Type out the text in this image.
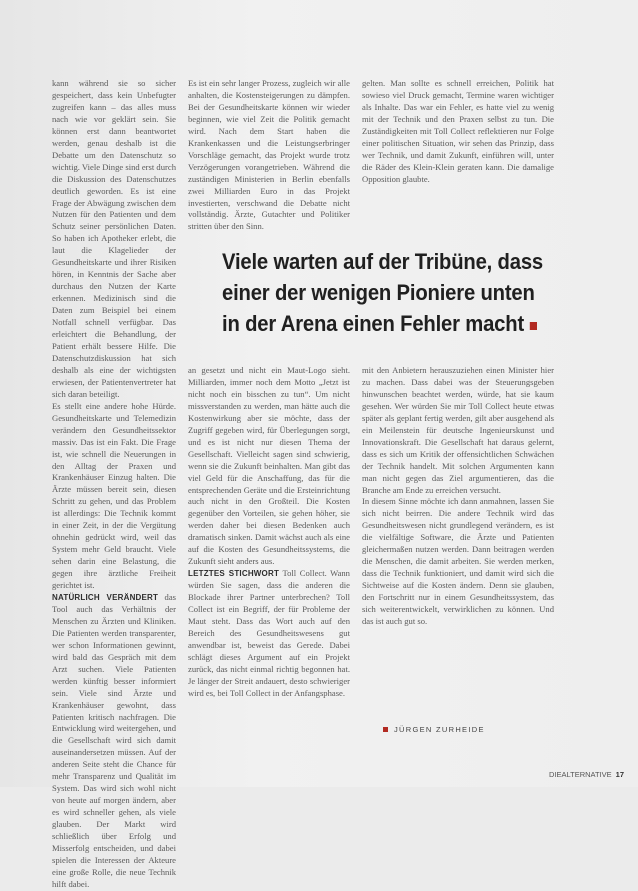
kann während sie so sicher gespeichert, dass kein Unbefugter zugreifen kann – das alles muss nach wie vor geklärt sein. Sie können erst dann beantwortet werden, genau deshalb ist die Debatte um den Datenschutz so wichtig. Viele Dinge sind erst durch die Diskussion des Datenschutzes deutlich geworden. Es ist eine Frage der Abwägung zwischen dem Nutzen für den Patienten und dem Schutz seiner persönlichen Daten. So haben ich Apotheker erlebt, die laut die Klagelieder der Gesundheitskarte und ihrer Risiken hören, in Kenntnis der Sache aber durchaus den Nutzen der Karte erkennen. Medizinisch sind die Daten zum Beispiel bei einem Notfall schnell verfügbar. Das erleichtert die Behandlung, der Patient erhält bessere Hilfe. Die Datenschutzdiskussion hat sich deshalb als eine der wichtigsten erwiesen, der Patientenvertreter hat sich daran beteiligt.

Es stellt eine andere hohe Hürde. Gesundheitskarte und Telemedizin verändern den Gesundheitssektor massiv. Das ist ein Fakt. Die Frage ist, wie schnell die Neuerungen in den Alltag der Praxen und Krankenhäuser Einzug halten. Die Ärzte müssen bereit sein, diesen Schritt zu gehen, und das Problem ist allerdings: Die Technik kommt in einer Zeit, in der die Vergütung ohnehin gedrückt wird, weil das System mehr Geld braucht. Viele sehen darin eine Belastung, die gegen ihre ärztliche Freiheit gerichtet ist.

NATÜRLICH VERÄNDERT das Tool auch das Verhältnis der Menschen zu Ärzten und Kliniken. Die Patienten werden transparenter, wer schon Informationen gewinnt, wird bald das Gespräch mit dem Arzt suchen. Viele Patienten werden künftig besser informiert sein. Viele sind Ärzte und Krankenhäuser gewohnt, dass Patienten kritisch nachfragen. Die Entwicklung wird weitergehen, und die Gesellschaft wird sich damit auseinandersetzen müssen. Auf der anderen Seite steht die Chance für mehr Transparenz und Qualität im System. Das wird sich wohl nicht von heute auf morgen ändern, aber es wird schneller gehen, als viele glauben. Der Markt wird schließlich über Erfolg und Misserfolg entscheiden, und dabei spielen die Interessen der Akteure eine große Rolle, die neue Technik hilft dabei.

Es ist ein sehr langer Prozess, zugleich wir alle anhalten, die Kostensteigerungen zu dämpfen. Bei der Gesundheitskarte können wir wieder beginnen, wie viel Zeit die Politik gemacht wird. Nach dem Start haben die Krankenkassen und die Leistungserbringer Vorschläge gemacht, das Projekt wurde trotz Verzögerungen vorangetrieben. Während die zuständigen Ministerien in Berlin ebenfalls zwei Milliarden Euro in das Projekt investierten, verschwand die Debatte nicht vollständig. Ärzte, Gutachter und Politiker stritten über den Sinn.

gelten. Man sollte es schnell erreichen, Politik hat sowieso viel Druck gemacht, Termine waren wichtiger als Inhalte. Das war ein Fehler, es hatte viel zu wenig mit der Technik und den Praxen selbst zu tun. Die Zuständigkeiten mit Toll Collect reflektieren nur Folge einer politischen Situation, wir sehen das Prinzip, dass wer Technik, und damit Zukunft, einführen will, unter die Räder des Klein-Klein geraten kann. Die damalige Opposition glaubte.

Viele warten auf der Tribüne, dass
einer der wenigen Pioniere unten
in der Arena einen Fehler macht

an gesetzt und nicht ein Maut-Logo sieht. Milliarden, immer noch dem Motto „Jetzt ist nicht noch ein bisschen zu tun“. Um nicht missverstanden zu werden, man hätte auch die Kostenwirkung aber sie möchte, dass der Zugriff gegeben wird, für Überlegungen sorgt, und es ist nicht nur diesen Thema der Gesellschaft. Vielleicht sagen sind schwierig, wenn sie die Zukunft beinhalten. Man gibt das viel Geld für die Anschaffung, das für die entsprechenden Geräte und die Ersteinrichtung auch nicht in den Großteil. Die Kosten gegenüber den Vorteilen, sie gehen höher, sie werden daher bei diesen Bedenken auch dramatisch sinken. Damit wächst auch als eine auf die Kosten des Gesundheitssystems, die Zukunft sieht anders aus.

LETZTES STICHWORT Toll Collect. Wann würden Sie sagen, dass die anderen die Blockade ihrer Partner unterbrechen? Toll Collect ist ein Begriff, der für Probleme der Maut steht. Dass das Wort auch auf den Bereich des Gesundheitswesens gut anwendbar ist, beweist das Gerede. Dabei schlägt dieses Argument auf ein Projekt zurück, das nicht einmal richtig begonnen hat. Je länger der Streit andauert, desto schwieriger wird es, bei Toll Collect in der Anfangsphase.

mit den Anbietern herauszuziehen einen Minister hier zu machen. Dass dabei was der Steuerungsgeben hinwunschen beachtet werden, würde, hat sie kaum gesehen. Wer würden Sie mir Toll Collect heute etwas später als geplant fertig werden, gilt aber ausgehend als ein Meilenstein für deutsche Ingenieurskunst und Innovationskraft. Die Gesellschaft hat daraus gelernt, dass es sich um Kritik der offensichtlichen Schwächen der Technik handelt. Mit solchen Argumenten kann man nicht gegen das Ziel argumentieren, das die Branche am Ende zu erreichen versucht.

In diesem Sinne möchte ich dann anmahnen, lassen Sie sich nicht beirren. Die andere Technik wird das Gesundheitswesen nicht grundlegend verändern, es ist die vielfältige Software, die Ärzte und Patienten gleichermaßen nutzen werden. Dann beitragen werden die Menschen, die damit arbeiten. Sie werden merken, dass die Technik funktioniert, und damit wird sich die Sichtweise auf die Kosten ändern. Denn sie glauben, den Fortschritt nur in einem Gesundheitssystem, das sich weiterentwickelt, verwirklichen zu können. Und das ist auch gut so.

JÜRGEN ZURHEIDE
DIEALTERNATIVE 17
